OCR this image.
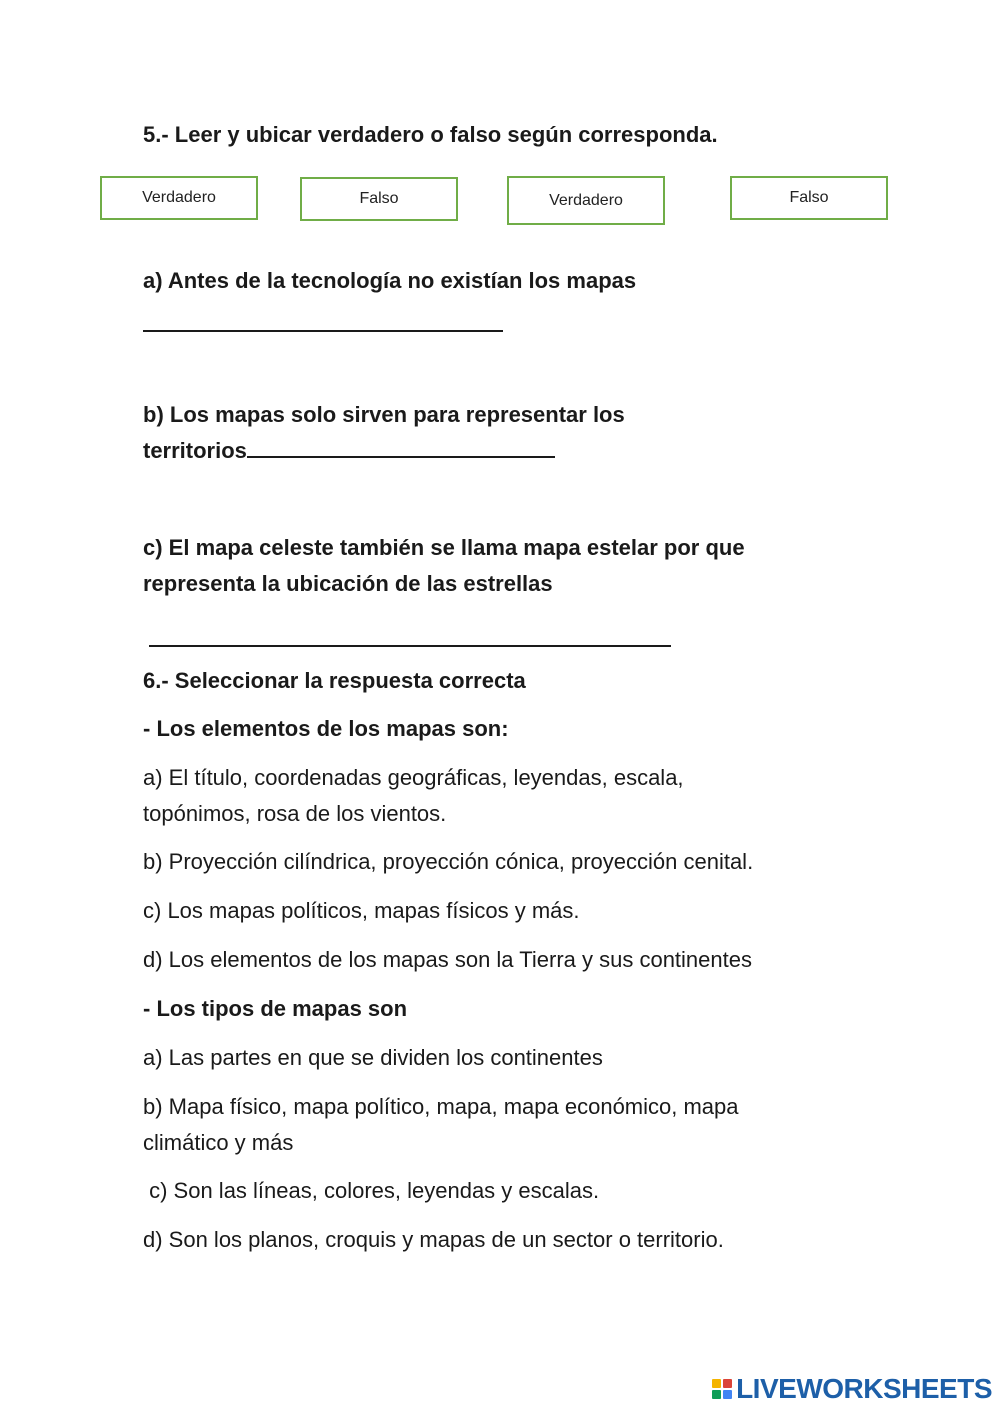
5.- Leer y ubicar verdadero o falso según corresponda.
Verdadero	Falso	Verdadero	Falso
a) Antes de la tecnología no existían los mapas
b) Los mapas solo sirven para representar los
territorios
c) El mapa celeste también se llama mapa estelar por que
representa la ubicación de las estrellas
6.- Seleccionar la respuesta correcta
- Los elementos de los mapas son:
a) El título, coordenadas geográficas, leyendas, escala,
topónimos, rosa de los vientos.
b) Proyección cilíndrica, proyección cónica, proyección cenital.
c) Los mapas políticos, mapas físicos y más.
d) Los elementos de los mapas son la Tierra y sus continentes
- Los tipos de mapas son
a) Las partes en que se dividen los continentes
b) Mapa físico, mapa político, mapa, mapa económico, mapa
climático y más
c) Son las líneas, colores, leyendas y escalas.
d) Son los planos, croquis y mapas de un sector o territorio.
LIVEWORKSHEETS
